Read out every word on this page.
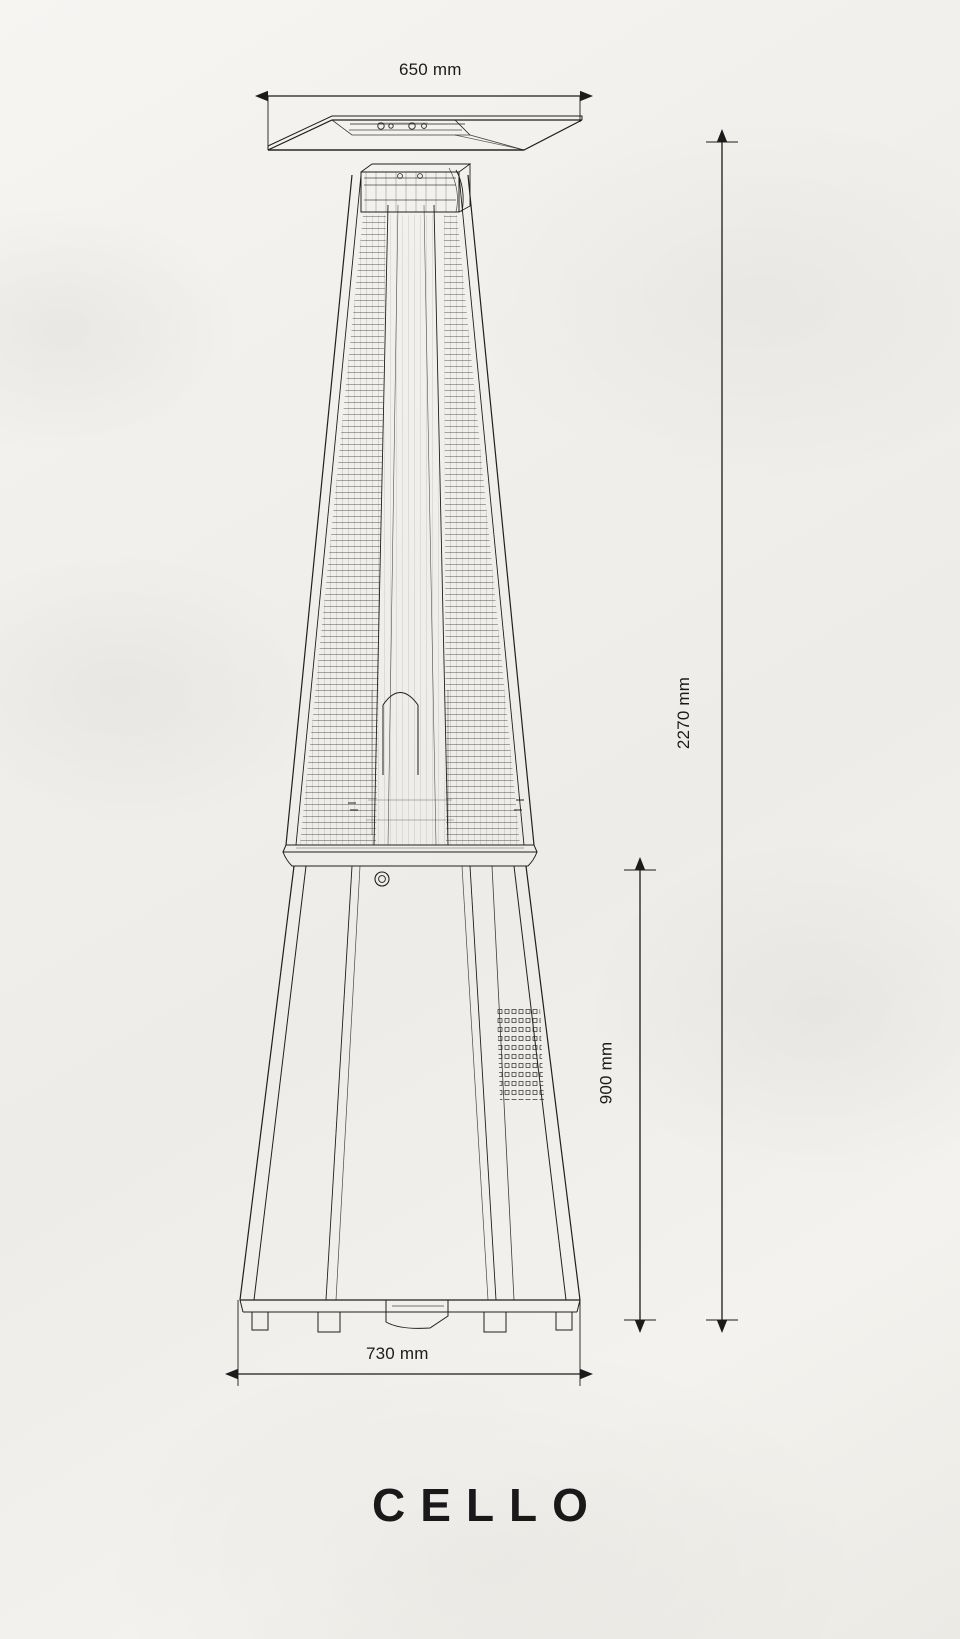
650 mm
730 mm
2270 mm
900 mm
CELLO
